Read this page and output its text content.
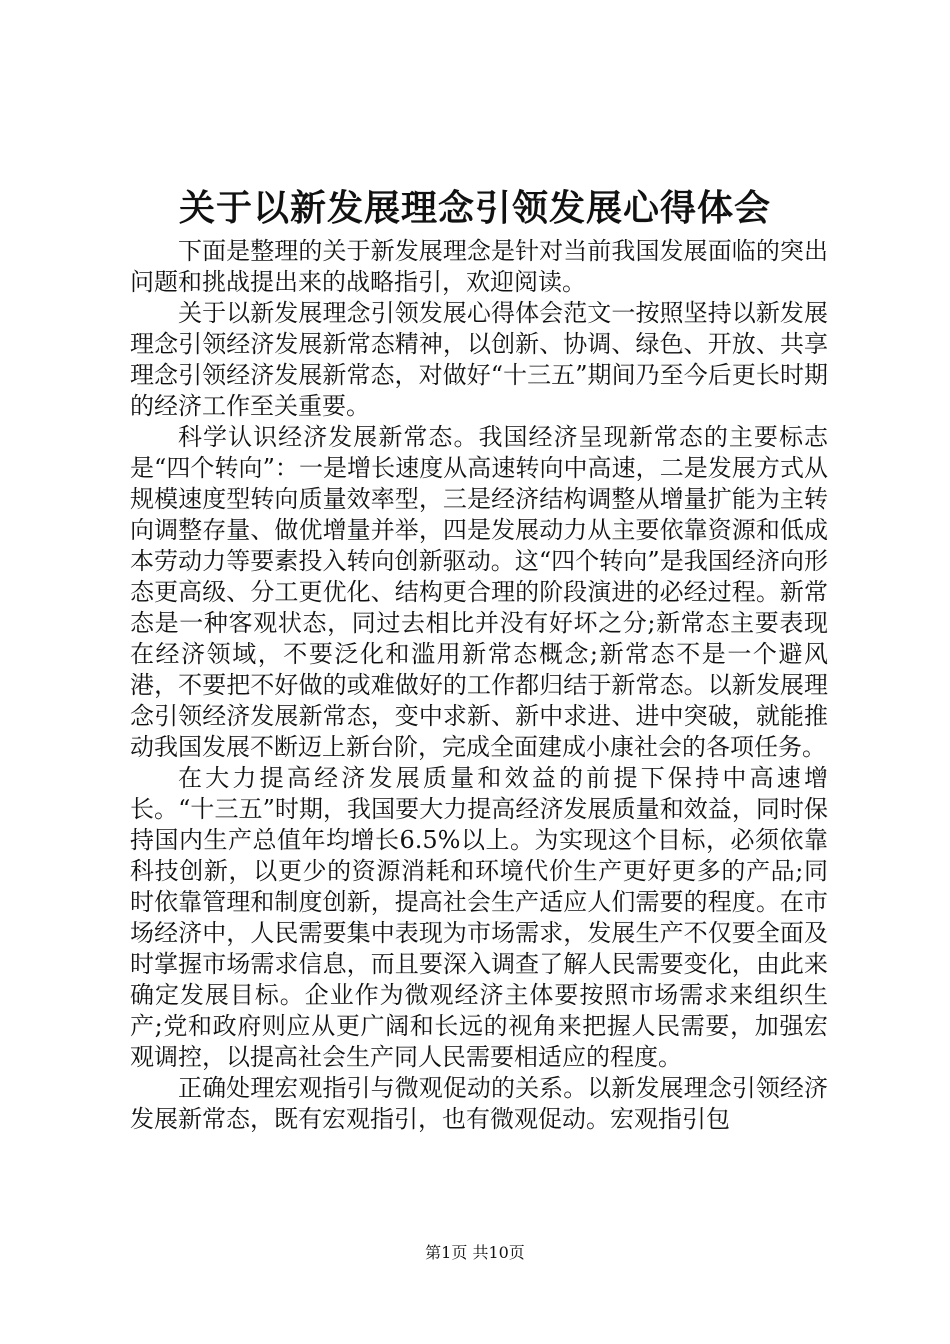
关于以新发展理念引领发展心得体会

下面是整理的关于新发展理念是针对当前我国发展面临的突出问题和挑战提出来的战略指引，欢迎阅读。

关于以新发展理念引领发展心得体会范文一按照坚持以新发展理念引领经济发展新常态精神，以创新、协调、绿色、开放、共享理念引领经济发展新常态，对做好“十三五”期间乃至今后更长时期的经济工作至关重要。

科学认识经济发展新常态。我国经济呈现新常态的主要标志是“四个转向”：一是增长速度从高速转向中高速，二是发展方式从规模速度型转向质量效率型，三是经济结构调整从增量扩能为主转向调整存量、做优增量并举，四是发展动力从主要依靠资源和低成本劳动力等要素投入转向创新驱动。这“四个转向”是我国经济向形态更高级、分工更优化、结构更合理的阶段演进的必经过程。新常态是一种客观状态，同过去相比并没有好坏之分;新常态主要表现在经济领域，不要泛化和滥用新常态概念;新常态不是一个避风港，不要把不好做的或难做好的工作都归结于新常态。以新发展理念引领经济发展新常态，变中求新、新中求进、进中突破，就能推动我国发展不断迈上新台阶，完成全面建成小康社会的各项任务。

在大力提高经济发展质量和效益的前提下保持中高速增长。“十三五”时期，我国要大力提高经济发展质量和效益，同时保持国内生产总值年均增长6.5%以上。为实现这个目标，必须依靠科技创新，以更少的资源消耗和环境代价生产更好更多的产品;同时依靠管理和制度创新，提高社会生产适应人们需要的程度。在市场经济中，人民需要集中表现为市场需求，发展生产不仅要全面及时掌握市场需求信息，而且要深入调查了解人民需要变化，由此来确定发展目标。企业作为微观经济主体要按照市场需求来组织生产;党和政府则应从更广阔和长远的视角来把握人民需要，加强宏观调控，以提高社会生产同人民需要相适应的程度。

正确处理宏观指引与微观促动的关系。以新发展理念引领经济发展新常态，既有宏观指引，也有微观促动。宏观指引包

第1页 共10页
